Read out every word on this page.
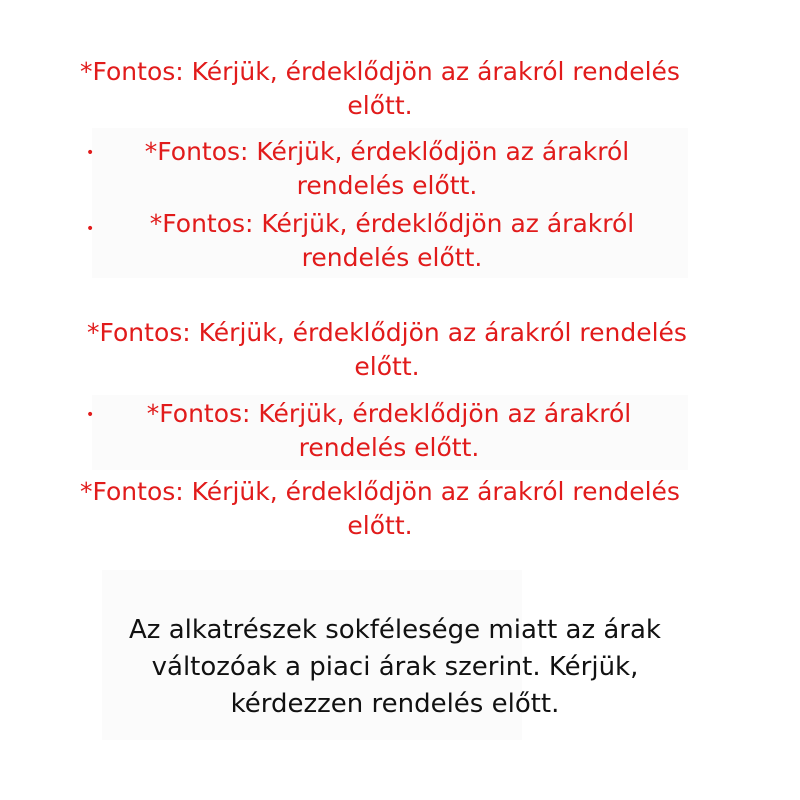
•
•
•
*Fontos: Kérjük, érdeklődjön az árakról rendelés
előtt.
*Fontos: Kérjük, érdeklődjön az árakról
rendelés előtt.
*Fontos: Kérjük, érdeklődjön az árakról
rendelés előtt.
*Fontos: Kérjük, érdeklődjön az árakról rendelés
előtt.
*Fontos: Kérjük, érdeklődjön az árakról
rendelés előtt.
*Fontos: Kérjük, érdeklődjön az árakról rendelés
előtt.
Az alkatrészek sokfélesége miatt az árak
változóak a piaci árak szerint. Kérjük,
kérdezzen rendelés előtt.
